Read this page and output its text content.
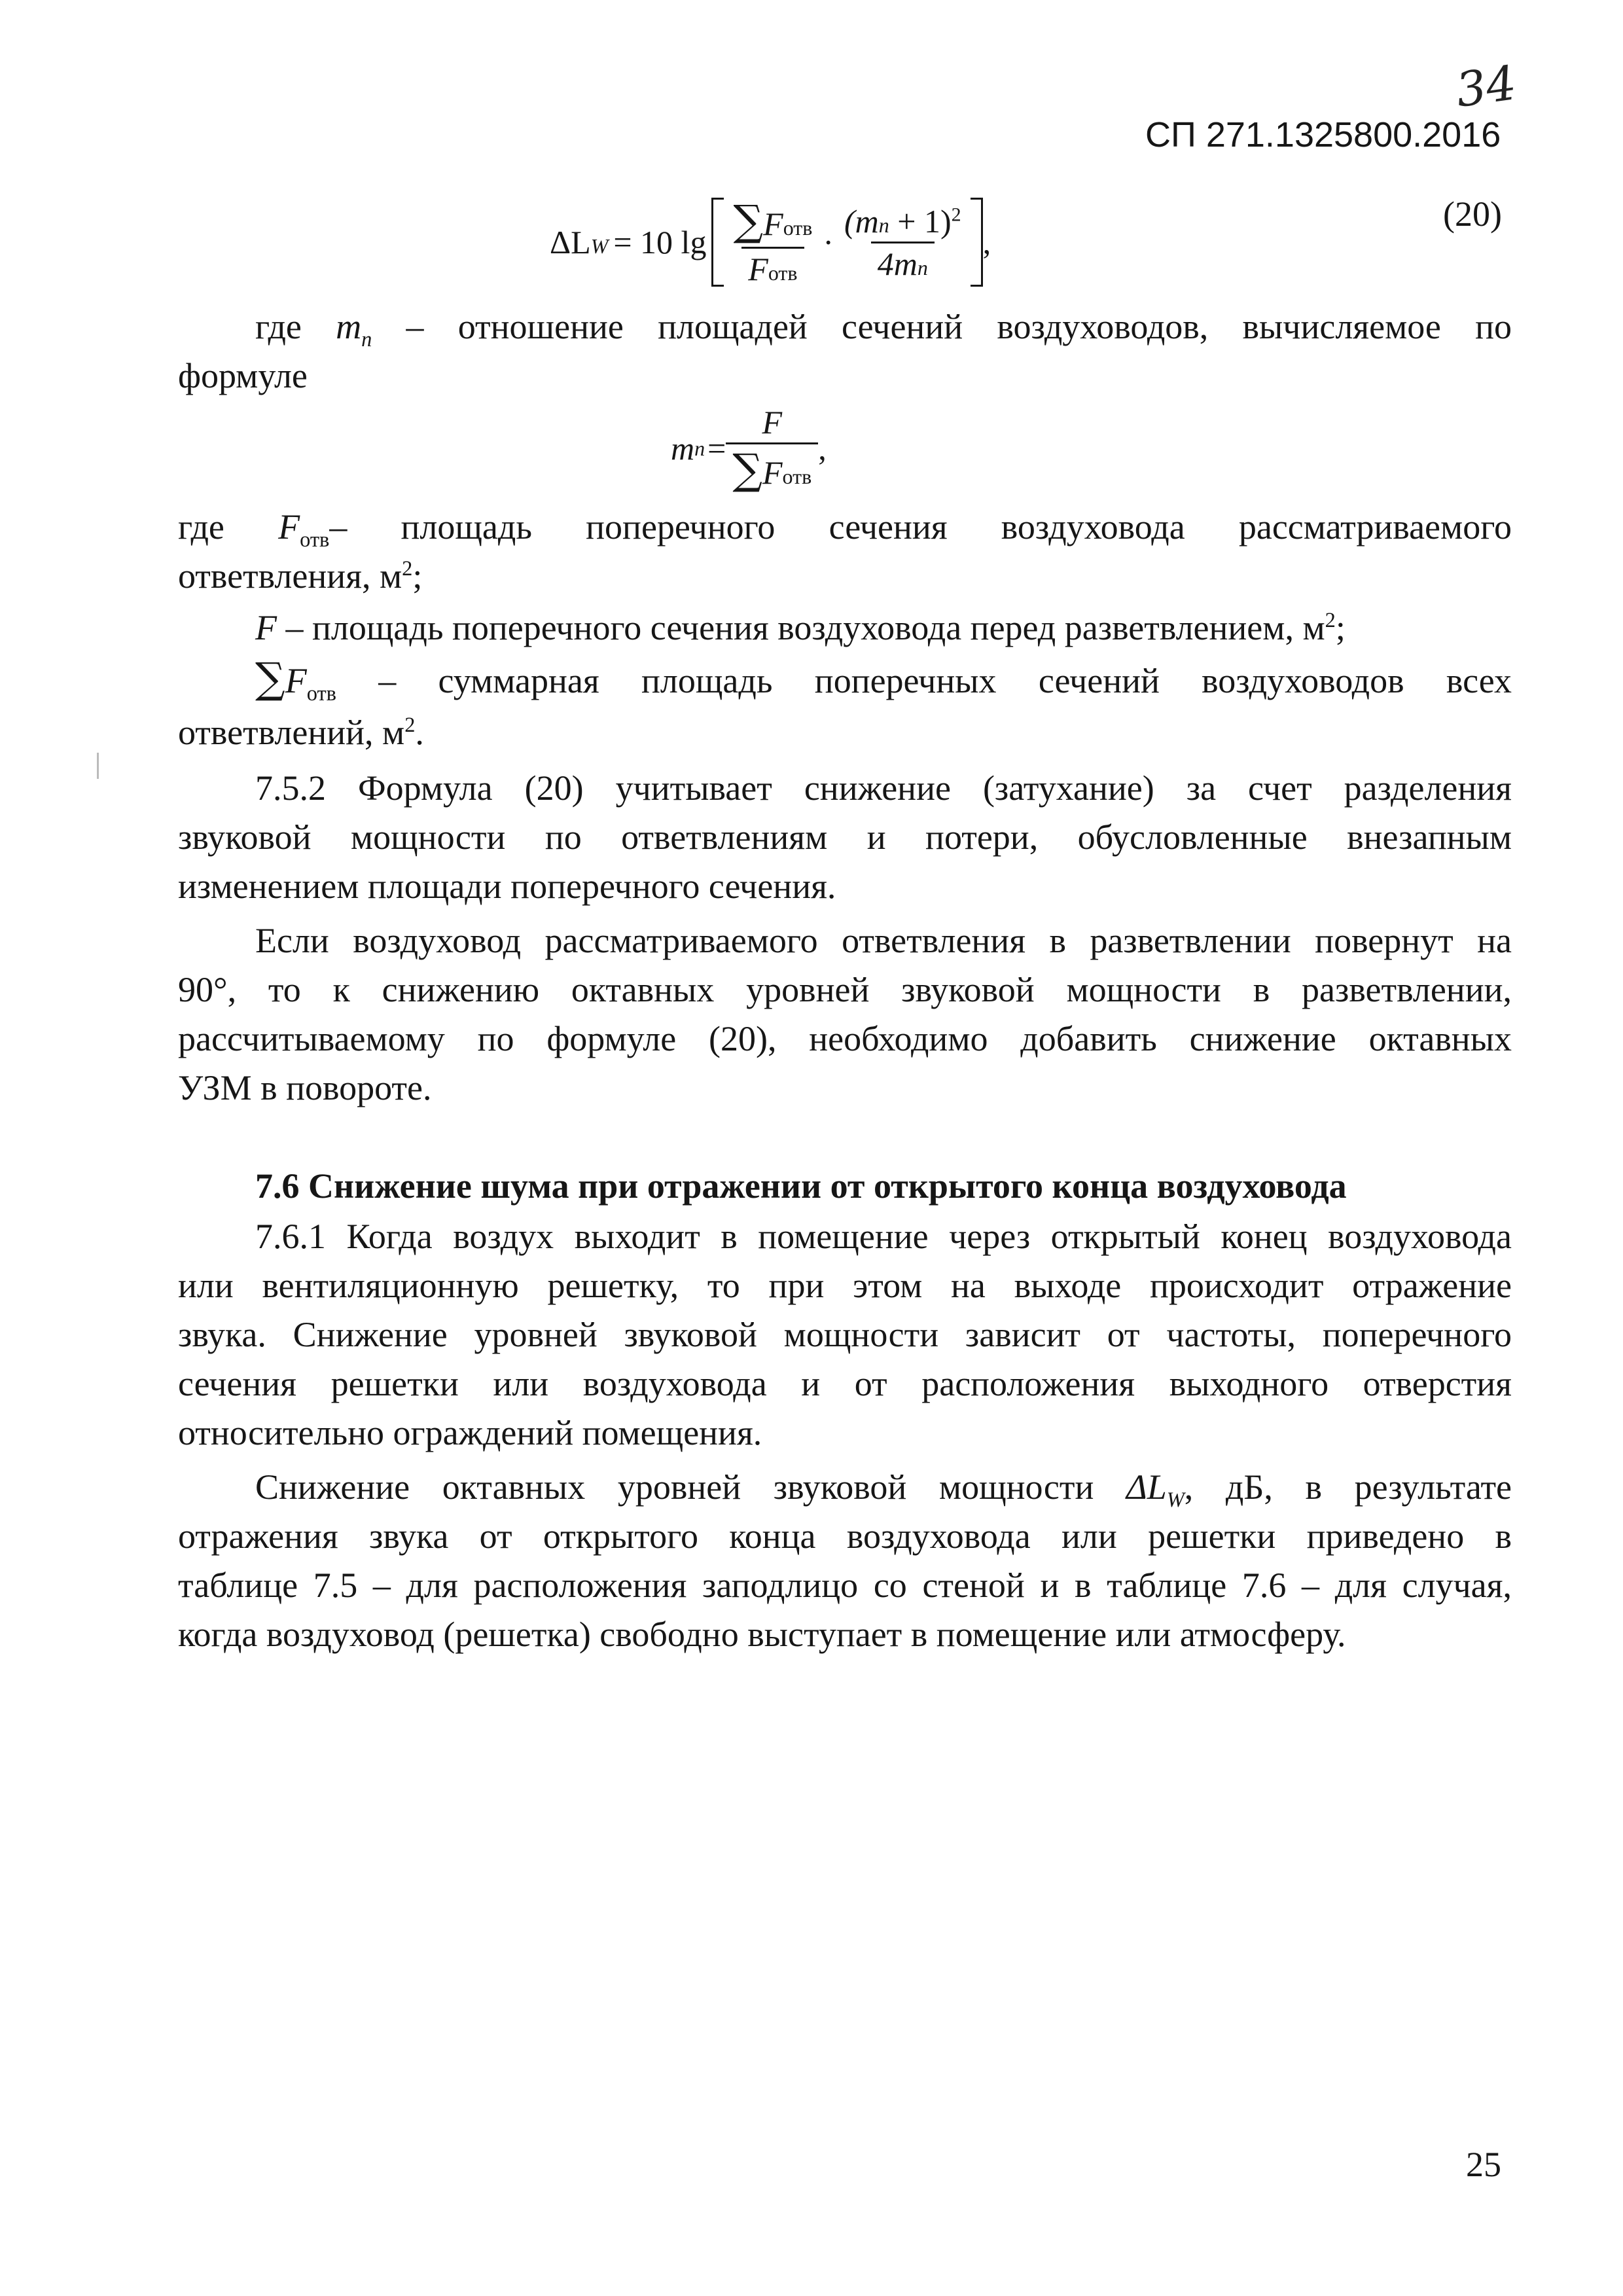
34
СП 271.1325800.2016
ΔLW = 10 $\lg \frac{\text{∑Fотв}}{\text{Fотв}} \cdot \frac{(mп + 1)^2}{4mп}$ ,
(20)
где $m_п$ – отношение площадей сечений воздуховодов, вычисляемое по
формуле
m $п = \frac{F}{\text{∑Fотв}}$ ,
где $F_{отв}-$ площадь поперечного сечения воздуховода рассматриваемого
ответвления, $м^2$;
F – площадь поперечного сечения воздуховода перед разветвлением, $м^2$;
$\sum F_{отв}$ – суммарная площадь поперечных сечений воздуховодов всех
ответвлений, $м^2$.
7.5.2 Формула (20) учитывает снижение (затухание) за счет разделения
звуковой мощности по ответвлениям и потери, обусловленные внезапным
изменением площади поперечного сечения.
Если воздуховод рассматриваемого ответвления в разветвлении повернут на
90°, то к снижению октавных уровней звуковой мощности в разветвлении,
рассчитываемому по формуле (20), необходимо добавить снижение октавных
УЗМ в повороте.
7.6 Снижение шума при отражении от открытого конца воздуховода
7.6.1 Когда воздух выходит в помещение через открытый конец воздуховода
или вентиляционную решетку, то при этом на выходе происходит отражение
звука. Снижение уровней звуковой мощности зависит от частоты, поперечного
сечения решетки или воздуховода и от расположения выходного отверстия
относительно ограждений помещения.
Снижение октавных уровней звуковой мощности $\Delta L_W$, дБ, в результате
отражения звука от открытого конца воздуховода или решетки приведено в
таблице 7.5 – для расположения заподлицо со стеной и в таблице 7.6 – для случая,
когда воздуховод (решетка) свободно выступает в помещение или атмосферу.
25
